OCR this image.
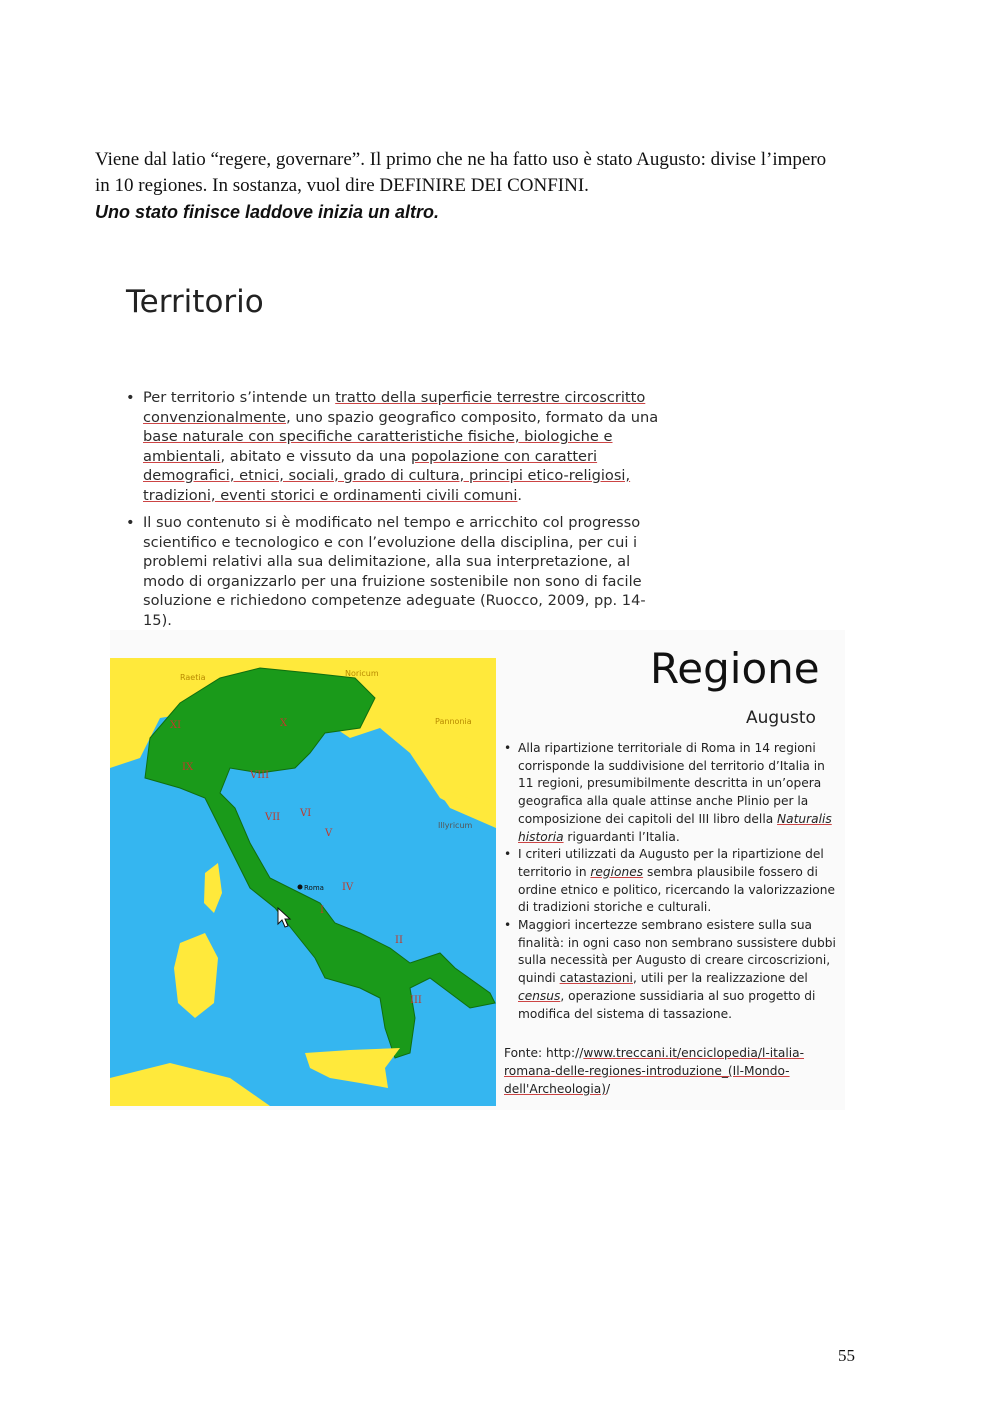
Viene dal latio “regere, governare”. Il primo che ne ha fatto uso è stato Augusto: divise l’impero

in 10 regiones. In sostanza, vuol dire DEFINIRE DEI CONFINI.

Uno stato finisce laddove inizia un altro.

Territorio
• Per territorio s’intende un tratto della superficie terrestre circoscritto convenzionalmente, uno spazio geografico composito, formato da una base naturale con specifiche caratteristiche fisiche, biologiche e ambientali, abitato e vissuto da una popolazione con caratteri demografici, etnici, sociali, grado di cultura, principi etico-religiosi, tradizioni, eventi storici e ordinamenti civili comuni.
• Il suo contenuto si è modificato nel tempo e arricchito col progresso scientifico e tecnologico e con l’evoluzione della disciplina, per cui i problemi relativi alla sua delimitazione, alla sua interpretazione, al modo di organizzarlo per una fruizione sostenibile non sono di facile soluzione e richiedono competenze adeguate (Ruocco, 2009, pp. 14-15).
Raetia	Noricum
Pannonia
Illyricum
Roma
I
II
III
IV
V
VI
VII
VIII
IX
X
XI
Regione
Augusto
• Alla ripartizione territoriale di Roma in 14 regioni corrisponde la suddivisione del territorio d’Italia in 11 regioni, presumibilmente descritta in un’opera geografica alla quale attinse anche Plinio per la composizione dei capitoli del III libro della Naturalis historia riguardanti l’Italia.
• I criteri utilizzati da Augusto per la ripartizione del territorio in regiones sembra plausibile fossero di ordine etnico e politico, ricercando la valorizzazione di tradizioni storiche e culturali.
• Maggiori incertezze sembrano esistere sulla sua finalità: in ogni caso non sembrano sussistere dubbi sulla necessità per Augusto di creare circoscrizioni, quindi catastazioni, utili per la realizzazione del census, operazione sussidiaria al suo progetto di modifica del sistema di tassazione.
Fonte: http://www.treccani.it/enciclopedia/l-italia-romana-delle-regiones-introduzione_(Il-Mondo-dell'Archeologia)/
55
